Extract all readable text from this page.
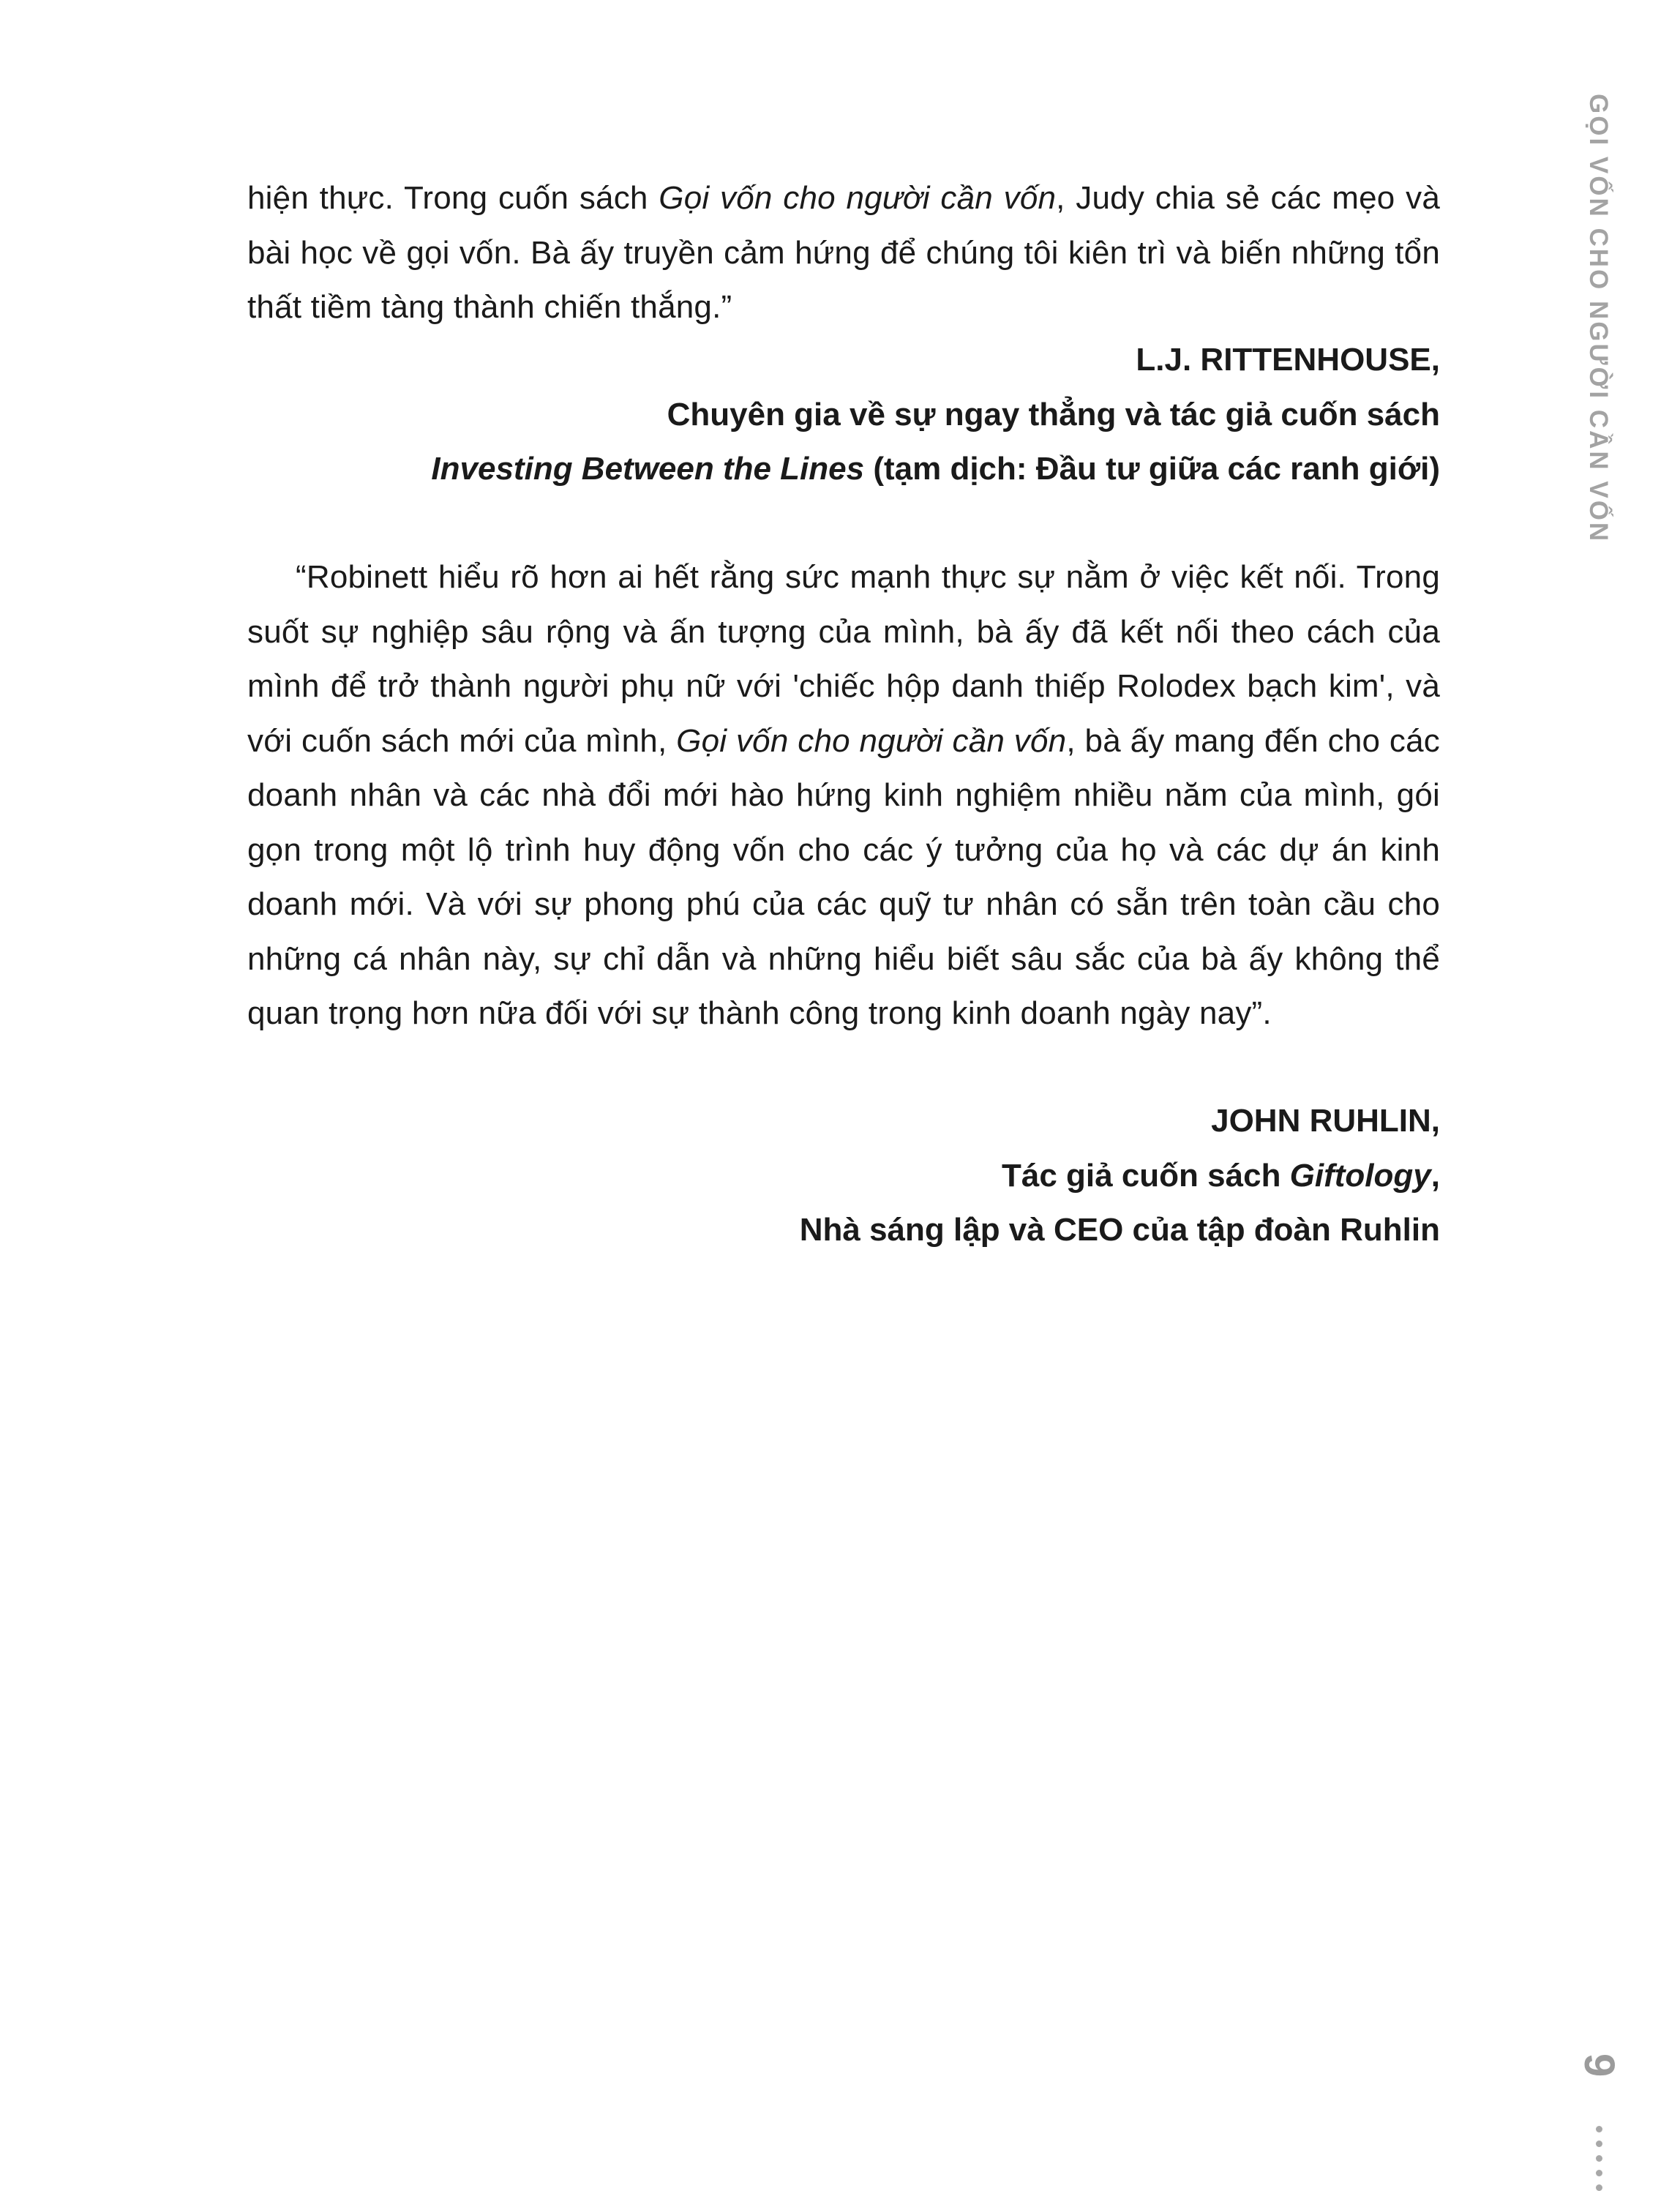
hiện thực. Trong cuốn sách Gọi vốn cho người cần vốn, Judy chia sẻ các mẹo và bài học về gọi vốn. Bà ấy truyền cảm hứng để chúng tôi kiên trì và biến những tổn thất tiềm tàng thành chiến thắng.”

L.J. RITTENHOUSE,
Chuyên gia về sự ngay thẳng và tác giả cuốn sách
Investing Between the Lines (tạm dịch: Đầu tư giữa các ranh giới)

“Robinett hiểu rõ hơn ai hết rằng sức mạnh thực sự nằm ở việc kết nối. Trong suốt sự nghiệp sâu rộng và ấn tượng của mình, bà ấy đã kết nối theo cách của mình để trở thành người phụ nữ với 'chiếc hộp danh thiếp Rolodex bạch kim', và với cuốn sách mới của mình, Gọi vốn cho người cần vốn, bà ấy mang đến cho các doanh nhân và các nhà đổi mới hào hứng kinh nghiệm nhiều năm của mình, gói gọn trong một lộ trình huy động vốn cho các ý tưởng của họ và các dự án kinh doanh mới. Và với sự phong phú của các quỹ tư nhân có sẵn trên toàn cầu cho những cá nhân này, sự chỉ dẫn và những hiểu biết sâu sắc của bà ấy không thể quan trọng hơn nữa đối với sự thành công trong kinh doanh ngày nay”.

JOHN RUHLIN,
Tác giả cuốn sách Giftology,
Nhà sáng lập và CEO của tập đoàn Ruhlin
GỌI VỐN CHO NGƯỜI CẦN VỐN
9
